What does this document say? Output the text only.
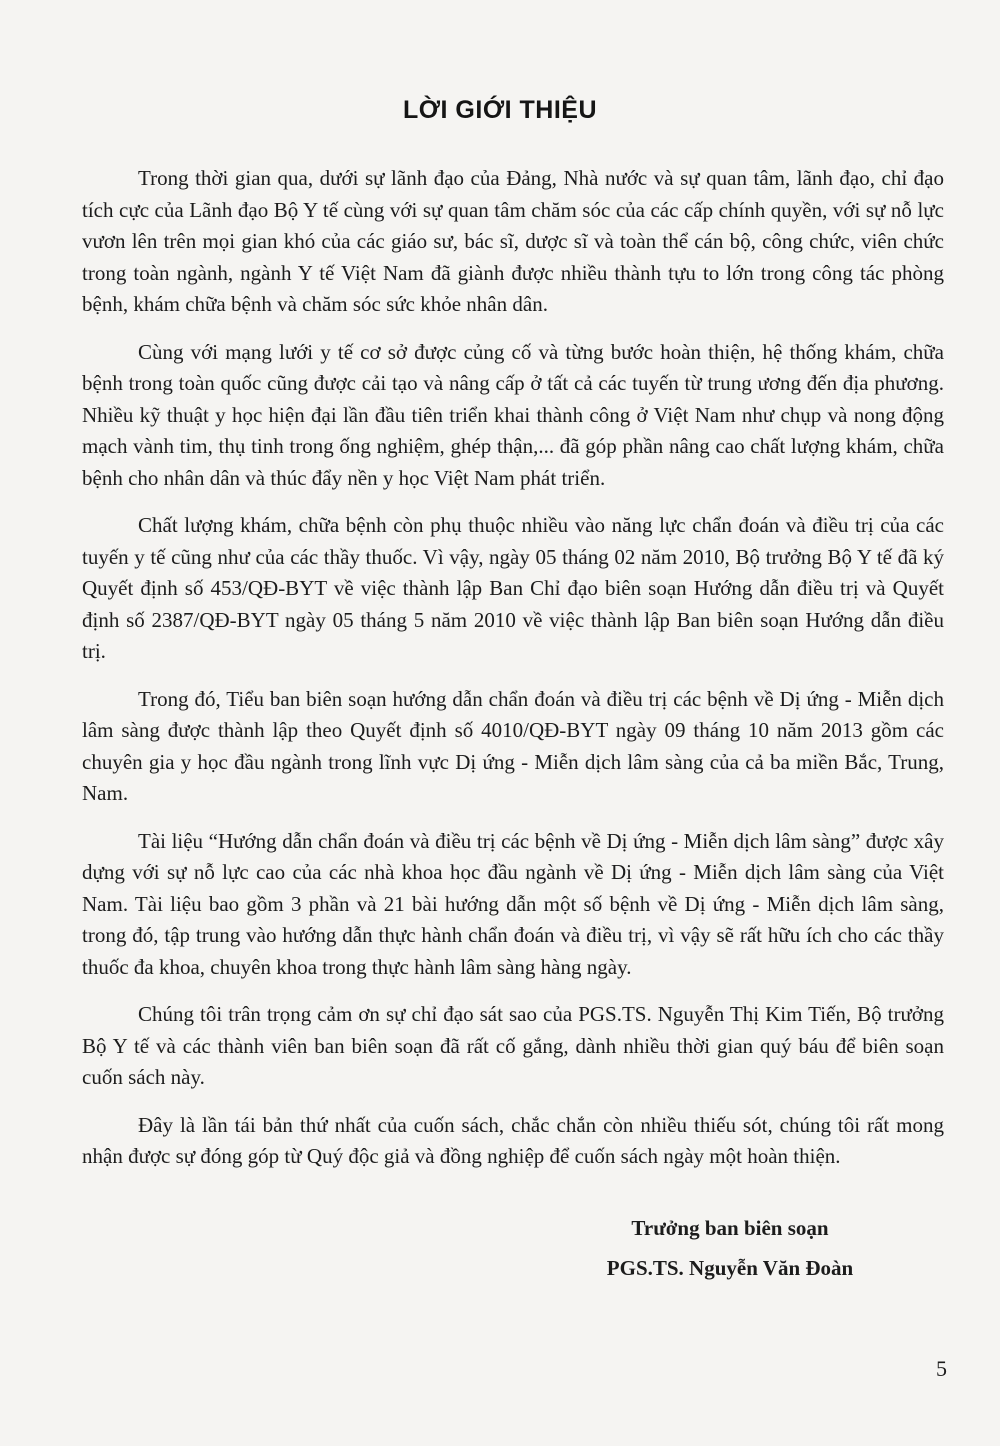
LỜI GIỚI THIỆU

Trong thời gian qua, dưới sự lãnh đạo của Đảng, Nhà nước và sự quan tâm, lãnh đạo, chỉ đạo tích cực của Lãnh đạo Bộ Y tế cùng với sự quan tâm chăm sóc của các cấp chính quyền, với sự nỗ lực vươn lên trên mọi gian khó của các giáo sư, bác sĩ, dược sĩ và toàn thể cán bộ, công chức, viên chức trong toàn ngành, ngành Y tế Việt Nam đã giành được nhiều thành tựu to lớn trong công tác phòng bệnh, khám chữa bệnh và chăm sóc sức khỏe nhân dân.

Cùng với mạng lưới y tế cơ sở được củng cố và từng bước hoàn thiện, hệ thống khám, chữa bệnh trong toàn quốc cũng được cải tạo và nâng cấp ở tất cả các tuyến từ trung ương đến địa phương. Nhiều kỹ thuật y học hiện đại lần đầu tiên triển khai thành công ở Việt Nam như chụp và nong động mạch vành tim, thụ tinh trong ống nghiệm, ghép thận,... đã góp phần nâng cao chất lượng khám, chữa bệnh cho nhân dân và thúc đẩy nền y học Việt Nam phát triển.

Chất lượng khám, chữa bệnh còn phụ thuộc nhiều vào năng lực chẩn đoán và điều trị của các tuyến y tế cũng như của các thầy thuốc. Vì vậy, ngày 05 tháng 02 năm 2010, Bộ trưởng Bộ Y tế đã ký Quyết định số 453/QĐ-BYT về việc thành lập Ban Chỉ đạo biên soạn Hướng dẫn điều trị và Quyết định số 2387/QĐ-BYT ngày 05 tháng 5 năm 2010 về việc thành lập Ban biên soạn Hướng dẫn điều trị.

Trong đó, Tiểu ban biên soạn hướng dẫn chẩn đoán và điều trị các bệnh về Dị ứng - Miễn dịch lâm sàng được thành lập theo Quyết định số 4010/QĐ-BYT ngày 09 tháng 10 năm 2013 gồm các chuyên gia y học đầu ngành trong lĩnh vực Dị ứng - Miễn dịch lâm sàng của cả ba miền Bắc, Trung, Nam.

Tài liệu “Hướng dẫn chẩn đoán và điều trị các bệnh về Dị ứng - Miễn dịch lâm sàng” được xây dựng với sự nỗ lực cao của các nhà khoa học đầu ngành về Dị ứng - Miễn dịch lâm sàng của Việt Nam. Tài liệu bao gồm 3 phần và 21 bài hướng dẫn một số bệnh về Dị ứng - Miễn dịch lâm sàng, trong đó, tập trung vào hướng dẫn thực hành chẩn đoán và điều trị, vì vậy sẽ rất hữu ích cho các thầy thuốc đa khoa, chuyên khoa trong thực hành lâm sàng hàng ngày.

Chúng tôi trân trọng cảm ơn sự chỉ đạo sát sao của PGS.TS. Nguyễn Thị Kim Tiến, Bộ trưởng Bộ Y tế và các thành viên ban biên soạn đã rất cố gắng, dành nhiều thời gian quý báu để biên soạn cuốn sách này.

Đây là lần tái bản thứ nhất của cuốn sách, chắc chắn còn nhiều thiếu sót, chúng tôi rất mong nhận được sự đóng góp từ Quý độc giả và đồng nghiệp để cuốn sách ngày một hoàn thiện.

Trưởng ban biên soạn
PGS.TS. Nguyễn Văn Đoàn
5
